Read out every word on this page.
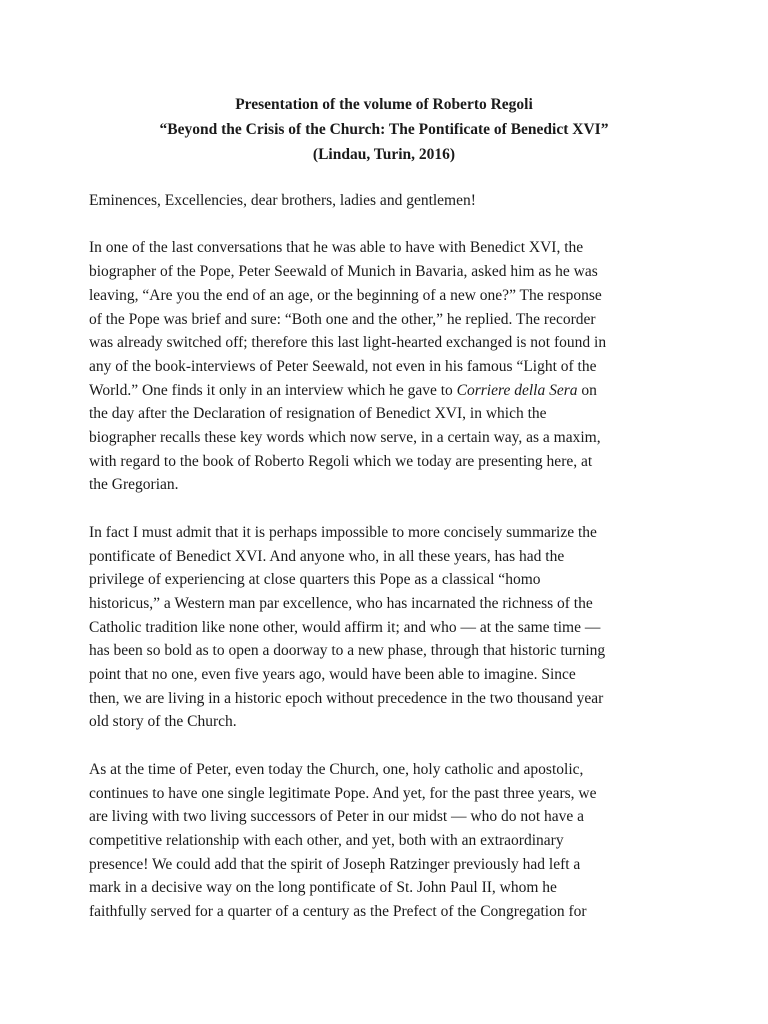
Presentation of the volume of Roberto Regoli
“Beyond the Crisis of the Church: The Pontificate of Benedict XVI”
(Lindau, Turin, 2016)

Eminences, Excellencies, dear brothers, ladies and gentlemen!

In one of the last conversations that he was able to have with Benedict XVI, the
biographer of the Pope, Peter Seewald of Munich in Bavaria, asked him as he was
leaving, “Are you the end of an age, or the beginning of a new one?” The response
of the Pope was brief and sure: “Both one and the other,” he replied. The recorder
was already switched off; therefore this last light-hearted exchanged is not found in
any of the book-interviews of Peter Seewald, not even in his famous “Light of the
World.” One finds it only in an interview which he gave to Corriere della Sera on
the day after the Declaration of resignation of Benedict XVI, in which the
biographer recalls these key words which now serve, in a certain way, as a maxim,
with regard to the book of Roberto Regoli which we today are presenting here, at
the Gregorian.

In fact I must admit that it is perhaps impossible to more concisely summarize the
pontificate of Benedict XVI. And anyone who, in all these years, has had the
privilege of experiencing at close quarters this Pope as a classical “homo
historicus,” a Western man par excellence, who has incarnated the richness of the
Catholic tradition like none other, would affirm it; and who — at the same time —
has been so bold as to open a doorway to a new phase, through that historic turning
point that no one, even five years ago, would have been able to imagine. Since
then, we are living in a historic epoch without precedence in the two thousand year
old story of the Church.

As at the time of Peter, even today the Church, one, holy catholic and apostolic,
continues to have one single legitimate Pope. And yet, for the past three years, we
are living with two living successors of Peter in our midst — who do not have a
competitive relationship with each other, and yet, both with an extraordinary
presence! We could add that the spirit of Joseph Ratzinger previously had left a
mark in a decisive way on the long pontificate of St. John Paul II, whom he
faithfully served for a quarter of a century as the Prefect of the Congregation for
